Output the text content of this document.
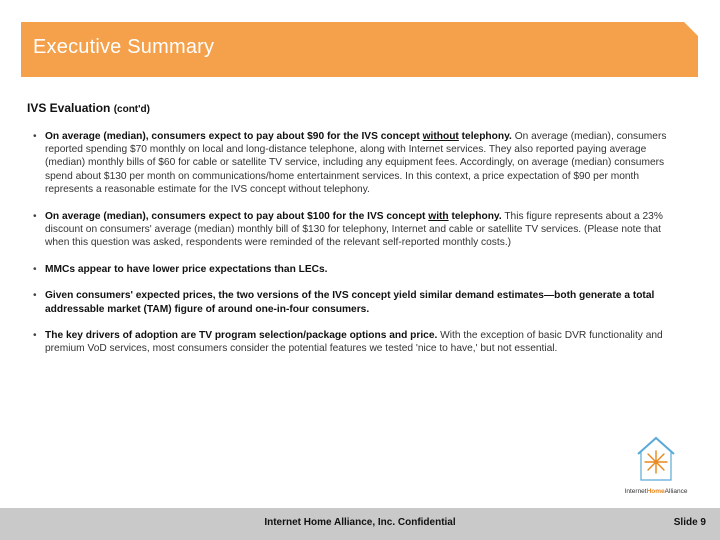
Executive Summary
IVS Evaluation (cont'd)
• On average (median), consumers expect to pay about $90 for the IVS concept without telephony. On average (median), consumers reported spending $70 monthly on local and long-distance telephone, along with Internet services. They also reported paying average (median) monthly bills of $60 for cable or satellite TV service, including any equipment fees. Accordingly, on average (median) consumers spend about $130 per month on communications/home entertainment services. In this context, a price expectation of $90 per month represents a reasonable estimate for the IVS concept without telephony.
• On average (median), consumers expect to pay about $100 for the IVS concept with telephony. This figure represents about a 23% discount on consumers' average (median) monthly bill of $130 for telephony, Internet and cable or satellite TV services. (Please note that when this question was asked, respondents were reminded of the relevant self-reported monthly costs.)
• MMCs appear to have lower price expectations than LECs.
• Given consumers' expected prices, the two versions of the IVS concept yield similar demand estimates—both generate a total addressable market (TAM) figure of around one-in-four consumers.
• The key drivers of adoption are TV program selection/package options and price. With the exception of basic DVR functionality and premium VoD services, most consumers consider the potential features we tested 'nice to have,' but not essential.
InternetHomeAlliance
Internet Home Alliance, Inc. Confidential	Slide 9
